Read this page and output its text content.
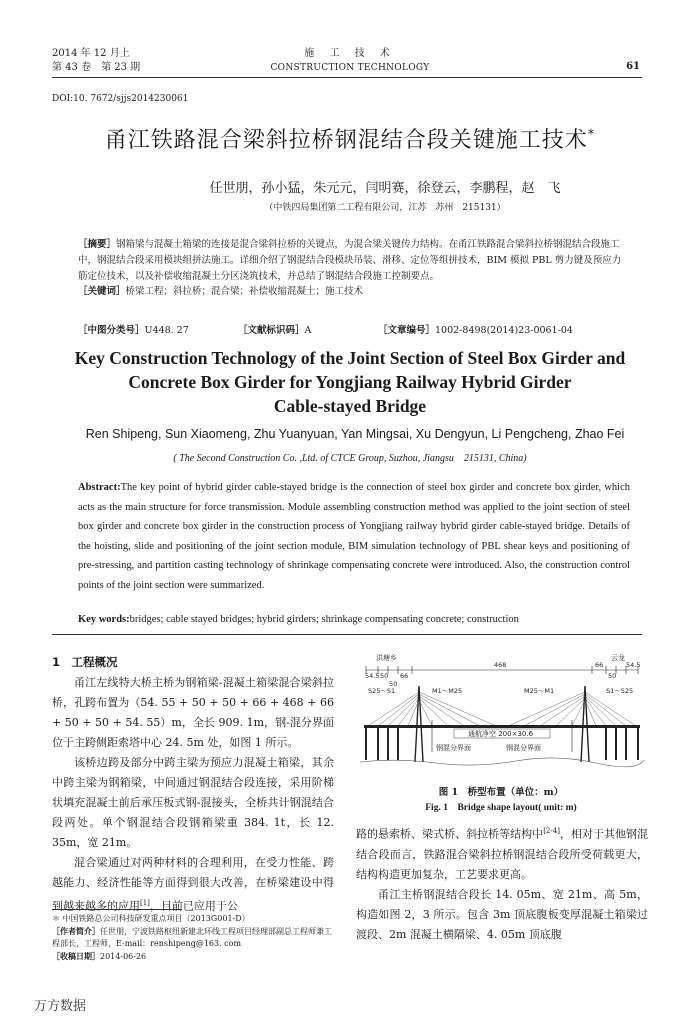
2014 年 12 月上
第 43 卷　第 23 期
施 工 技 术
CONSTRUCTION TECHNOLOGY	61
DOI:10. 7672/sjjs2014230061
甬江铁路混合梁斜拉桥钢混结合段关键施工技术*
任世朋，孙小猛，朱元元，闫明赛，徐登云，李鹏程，赵　飞
（中铁四局集团第二工程有限公司，江苏　苏州　215131）

［摘要］钢箱梁与混凝土箱梁的连接是混合梁斜拉桥的关键点，为混合梁关键传力结构。在甬江铁路混合梁斜拉桥钢混结合段施工中，钢混结合段采用模块组拼法施工。详细介绍了钢混结合段模块吊装、滑移、定位等组拼技术，BIM 模拟 PBL 剪力键及预应力筋定位技术，以及补偿收缩混凝土分区浇筑技术，并总结了钢混结合段施工控制要点。

［关键词］桥梁工程；斜拉桥；混合梁；补偿收缩混凝土；施工技术

［中图分类号］U448. 27	［文献标识码］A	［文章编号］1002-8498(2014)23-0061-04
Key Construction Technology of the Joint Section of Steel Box Girder and
Concrete Box Girder for Yongjiang Railway Hybrid Girder
Cable-stayed Bridge
Ren Shipeng, Sun Xiaomeng, Zhu Yuanyuan, Yan Mingsai, Xu Dengyun, Li Pengcheng, Zhao Fei
( The Second Construction Co. ,Ltd. of CTCE Group, Suzhou, Jiangsu　215131, China)
Abstract:The key point of hybrid girder cable-stayed bridge is the connection of steel box girder and concrete box girder, which acts as the main structure for force transmission. Module assembling construction method was applied to the joint section of steel box girder and concrete box girder in the construction process of Yongjiang railway hybrid girder cable-stayed bridge. Details of the hoisting, slide and positioning of the joint section module, BIM simulation technology of PBL shear keys and positioning of pre-stressing, and partition casting technology of shrinkage compensating concrete were introduced. Also, the construction control points of the joint section were summarized.
Key words:bridges; cable stayed bridges; hybrid girders; shrinkage compensating concrete; construction
1　工程概况

甬江左线特大桥主桥为钢箱梁-混凝土箱梁混合梁斜拉桥，孔跨布置为（54. 55 + 50 + 50 + 66 + 468 + 66 + 50 + 50 + 54. 55）m，全长 909. 1m，钢-混分界面位于主跨侧距索塔中心 24. 5m 处，如图 1 所示。

该桥边跨及部分中跨主梁为预应力混凝土箱梁，其余中跨主梁为钢箱梁，中间通过钢混结合段连接，采用阶梯状填充混凝土前后承压板式钢-混接头，全桥共计钢混结合段两处。单个钢混结合段钢箱梁重 384. 1t，长 12. 35m，宽 21m。

混合梁通过对两种材料的合理利用，在受力性能、跨越能力、经济性能等方面得到很大改善，在桥梁建设中得到越来越多的应用[1]，目前已应用于公

＊ 中国铁路总公司科技研发重点项目（2013G001-D）

［作者简介］任世朋，宁波铁路枢纽新建北环线工程项目经理部副总工程师兼工程部长，工程师，E-mail：renshipeng@163. com

［收稿日期］2014-06-26

洪塘乡	云龙
54.5 50
50
66
468	66
50
54.5
S25～S1	M1～M25	M25～M1	S1～S25
通航净空 200×30.6
钢混分界面	钢混分界面
图 1　桥型布置（单位：m）
Fig. 1　Bridge shape layout( unit: m)

路的悬索桥、梁式桥、斜拉桥等结构中[2-4]，相对于其他钢混结合段而言，铁路混合梁斜拉桥钢混结合段所受荷载更大，结构构造更加复杂，工艺要求更高。

甬江主桥钢混结合段长 14. 05m、宽 21m、高 5m，构造如图 2，3 所示。包含 3m 顶底腹板变厚混凝土箱梁过渡段、2m 混凝土横隔梁、4. 05m 顶底腹

万方数据
